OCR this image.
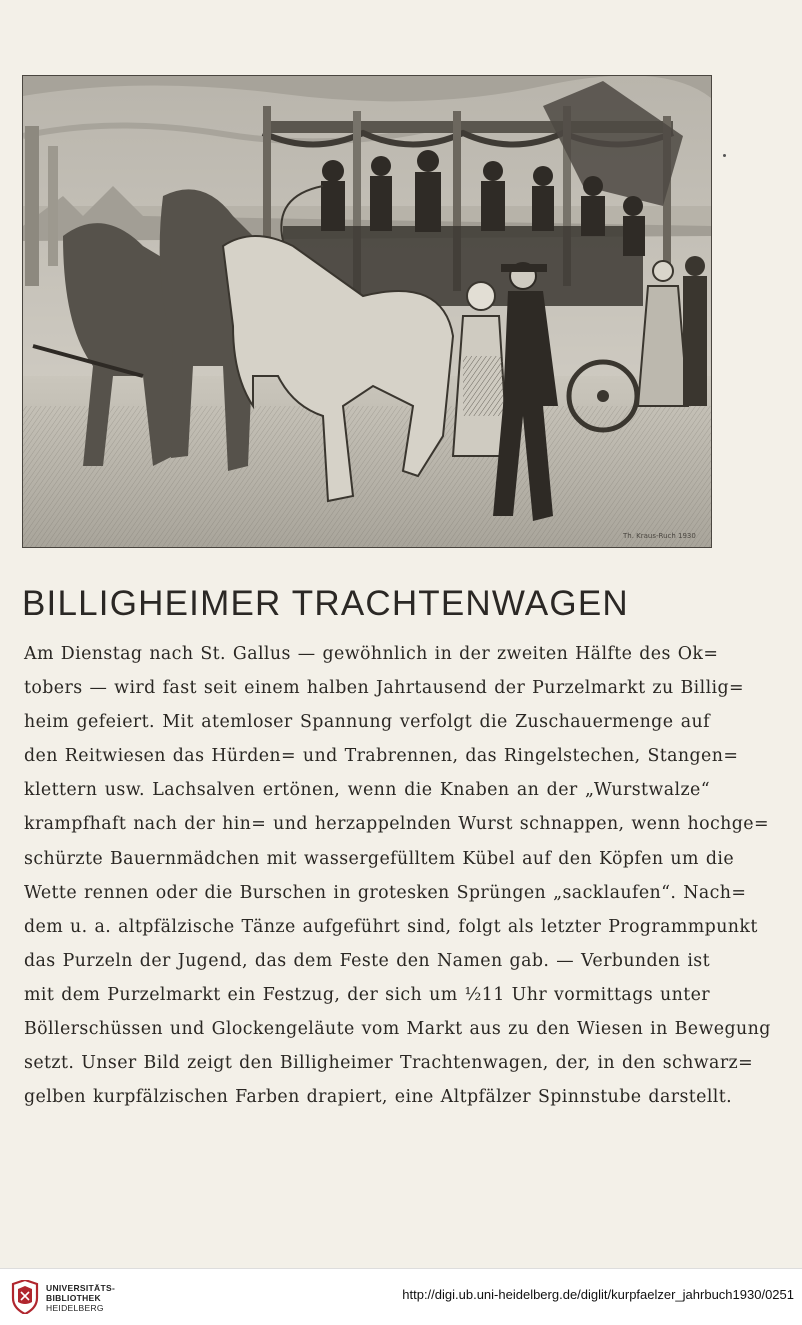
Th. Kraus-Ruch 1930
BILLIGHEIMER TRACHTENWAGEN
Am Dienstag nach St. Gallus — gewöhnlich in der zweiten Hälfte des Ok=
tobers — wird fast seit einem halben Jahrtausend der Purzelmarkt zu Billig=
heim gefeiert. Mit atemloser Spannung verfolgt die Zuschauermenge auf
den Reitwiesen das Hürden= und Trabrennen, das Ringelstechen, Stangen=
klettern usw. Lachsalven ertönen, wenn die Knaben an der „Wurstwalze“
krampfhaft nach der hin= und herzappelnden Wurst schnappen, wenn hochge=
schürzte Bauernmädchen mit wassergefülltem Kübel auf den Köpfen um die
Wette rennen oder die Burschen in grotesken Sprüngen „sacklaufen“. Nach=
dem u. a. altpfälzische Tänze aufgeführt sind, folgt als letzter Programmpunkt
das Purzeln der Jugend, das dem Feste den Namen gab. — Verbunden ist
mit dem Purzelmarkt ein Festzug, der sich um ½11 Uhr vormittags unter
Böllerschüssen und Glockengeläute vom Markt aus zu den Wiesen in Bewegung
setzt. Unser Bild zeigt den Billigheimer Trachtenwagen, der, in den schwarz=
gelben kurpfälzischen Farben drapiert, eine Altpfälzer Spinnstube darstellt.
UNIVERSITÄTS-
BIBLIOTHEK
HEIDELBERG
http://digi.ub.uni-heidelberg.de/diglit/kurpfaelzer_jahrbuch1930/0251
